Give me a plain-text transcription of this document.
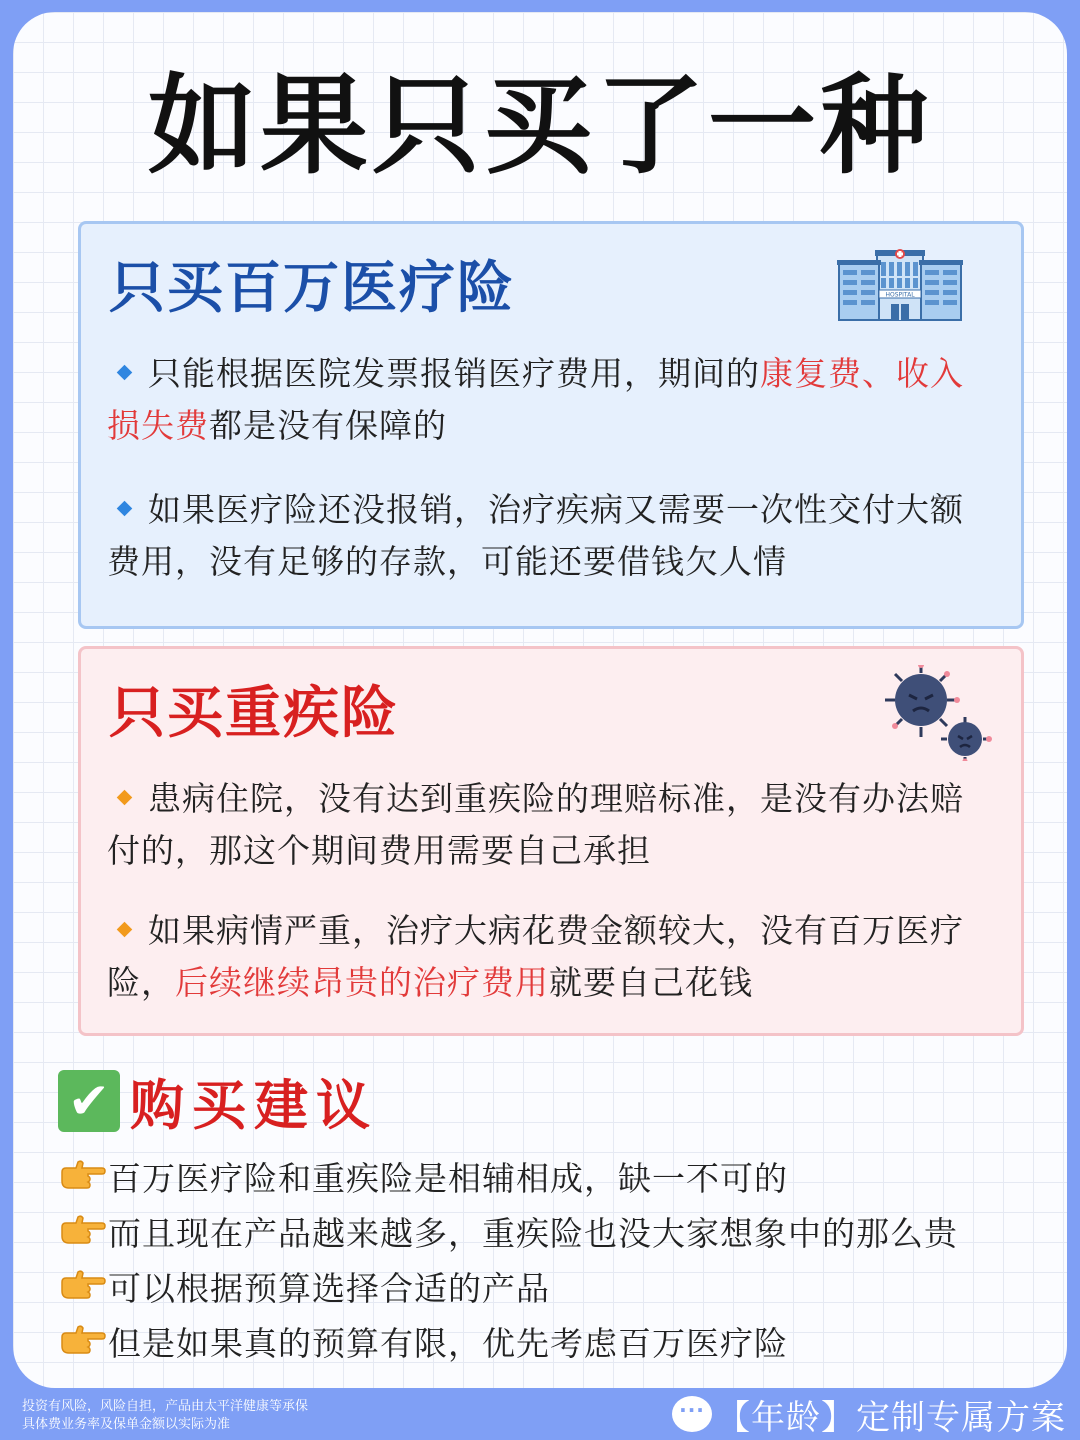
如果只买了一种
只买百万医疗险	HOSPITAL
只能根据医院发票报销医疗费用，期间的康复费、收入损失费都是没有保障的
如果医疗险还没报销，治疗疾病又需要一次性交付大额费用，没有足够的存款，可能还要借钱欠人情
只买重疾险
患病住院，没有达到重疾险的理赔标准，是没有办法赔付的，那这个期间费用需要自己承担
如果病情严重，治疗大病花费金额较大，没有百万医疗险，后续继续昂贵的治疗费用就要自己花钱
✔ 购买建议
百万医疗险和重疾险是相辅相成，缺一不可的
而且现在产品越来越多，重疾险也没大家想象中的那么贵
可以根据预算选择合适的产品
但是如果真的预算有限，优先考虑百万医疗险
投资有风险，风险自担，产品由太平洋健康等承保
具体费业务率及保单金额以实际为准
··· 【年龄】定制专属方案
